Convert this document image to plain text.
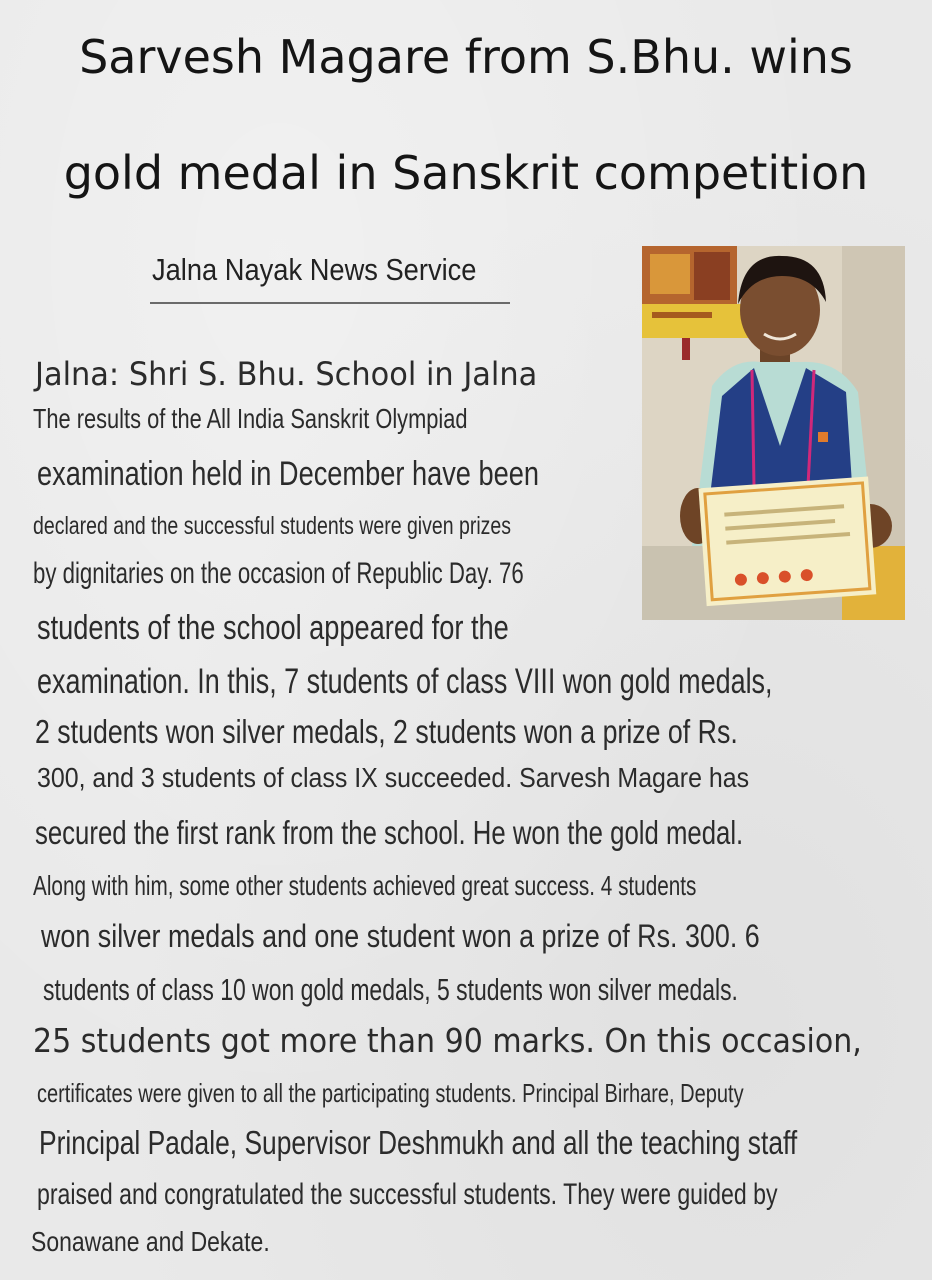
Sarvesh Magare from S.Bhu. wins
gold medal in Sanskrit competition
Jalna Nayak News Service
Jalna: Shri S. Bhu. School in Jalna
The results of the All India Sanskrit Olympiad
examination held in December have been
declared and the successful students were given prizes
by dignitaries on the occasion of Republic Day. 76
students of the school appeared for the
examination. In this, 7 students of class VIII won gold medals,
2 students won silver medals, 2 students won a prize of Rs.
300, and 3 students of class IX succeeded. Sarvesh Magare has
secured the first rank from the school. He won the gold medal.
Along with him, some other students achieved great success. 4 students
won silver medals and one student won a prize of Rs. 300. 6
students of class 10 won gold medals, 5 students won silver medals.
25 students got more than 90 marks. On this occasion,
certificates were given to all the participating students. Principal Birhare, Deputy
Principal Padale, Supervisor Deshmukh and all the teaching staff
praised and congratulated the successful students. They were guided by
Sonawane and Dekate.
